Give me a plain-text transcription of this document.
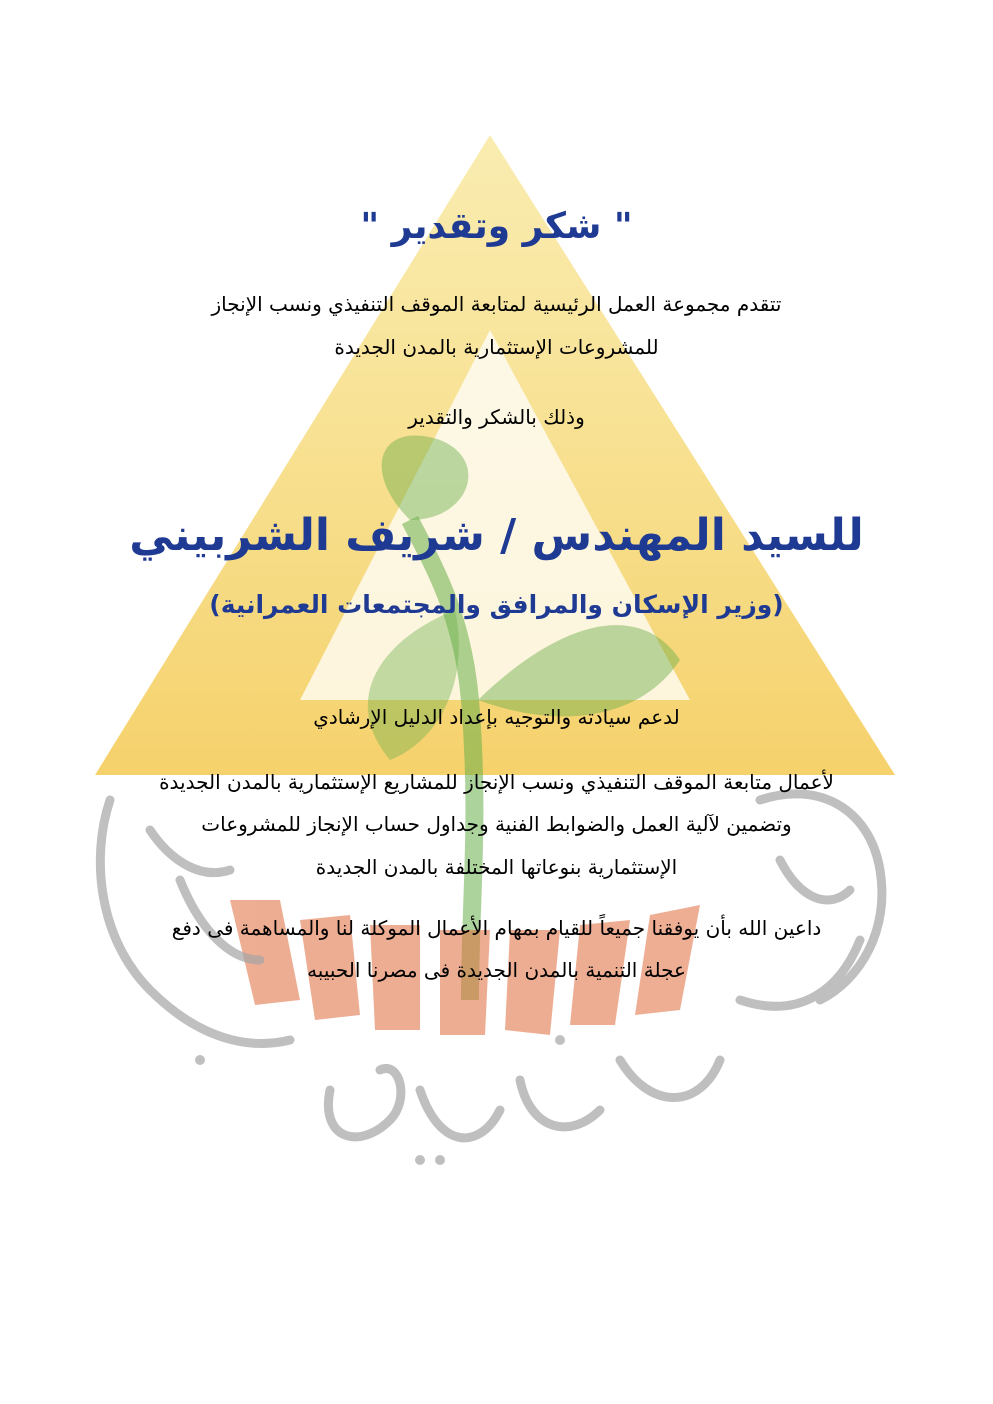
" شكر وتقدير "
تتقدم مجموعة العمل الرئيسية لمتابعة الموقف التنفيذي ونسب الإنجاز
للمشروعات الإستثمارية بالمدن الجديدة
وذلك بالشكر والتقدير
للسيد المهندس / شريف الشربيني
(وزير الإسكان والمرافق والمجتمعات العمرانية)
لدعم سيادته والتوجيه بإعداد الدليل الإرشادي
لأعمال متابعة الموقف التنفيذي ونسب الإنجاز للمشاريع الإستثمارية بالمدن الجديدة
وتضمين لآلية العمل والضوابط الفنية وجداول حساب الإنجاز للمشروعات
الإستثمارية بنوعاتها المختلفة بالمدن الجديدة
داعين الله بأن يوفقنا جميعاً للقيام بمهام الأعمال الموكلة لنا والمساهمة فى دفع
عجلة التنمية بالمدن الجديدة فى مصرنا الحبيبه
